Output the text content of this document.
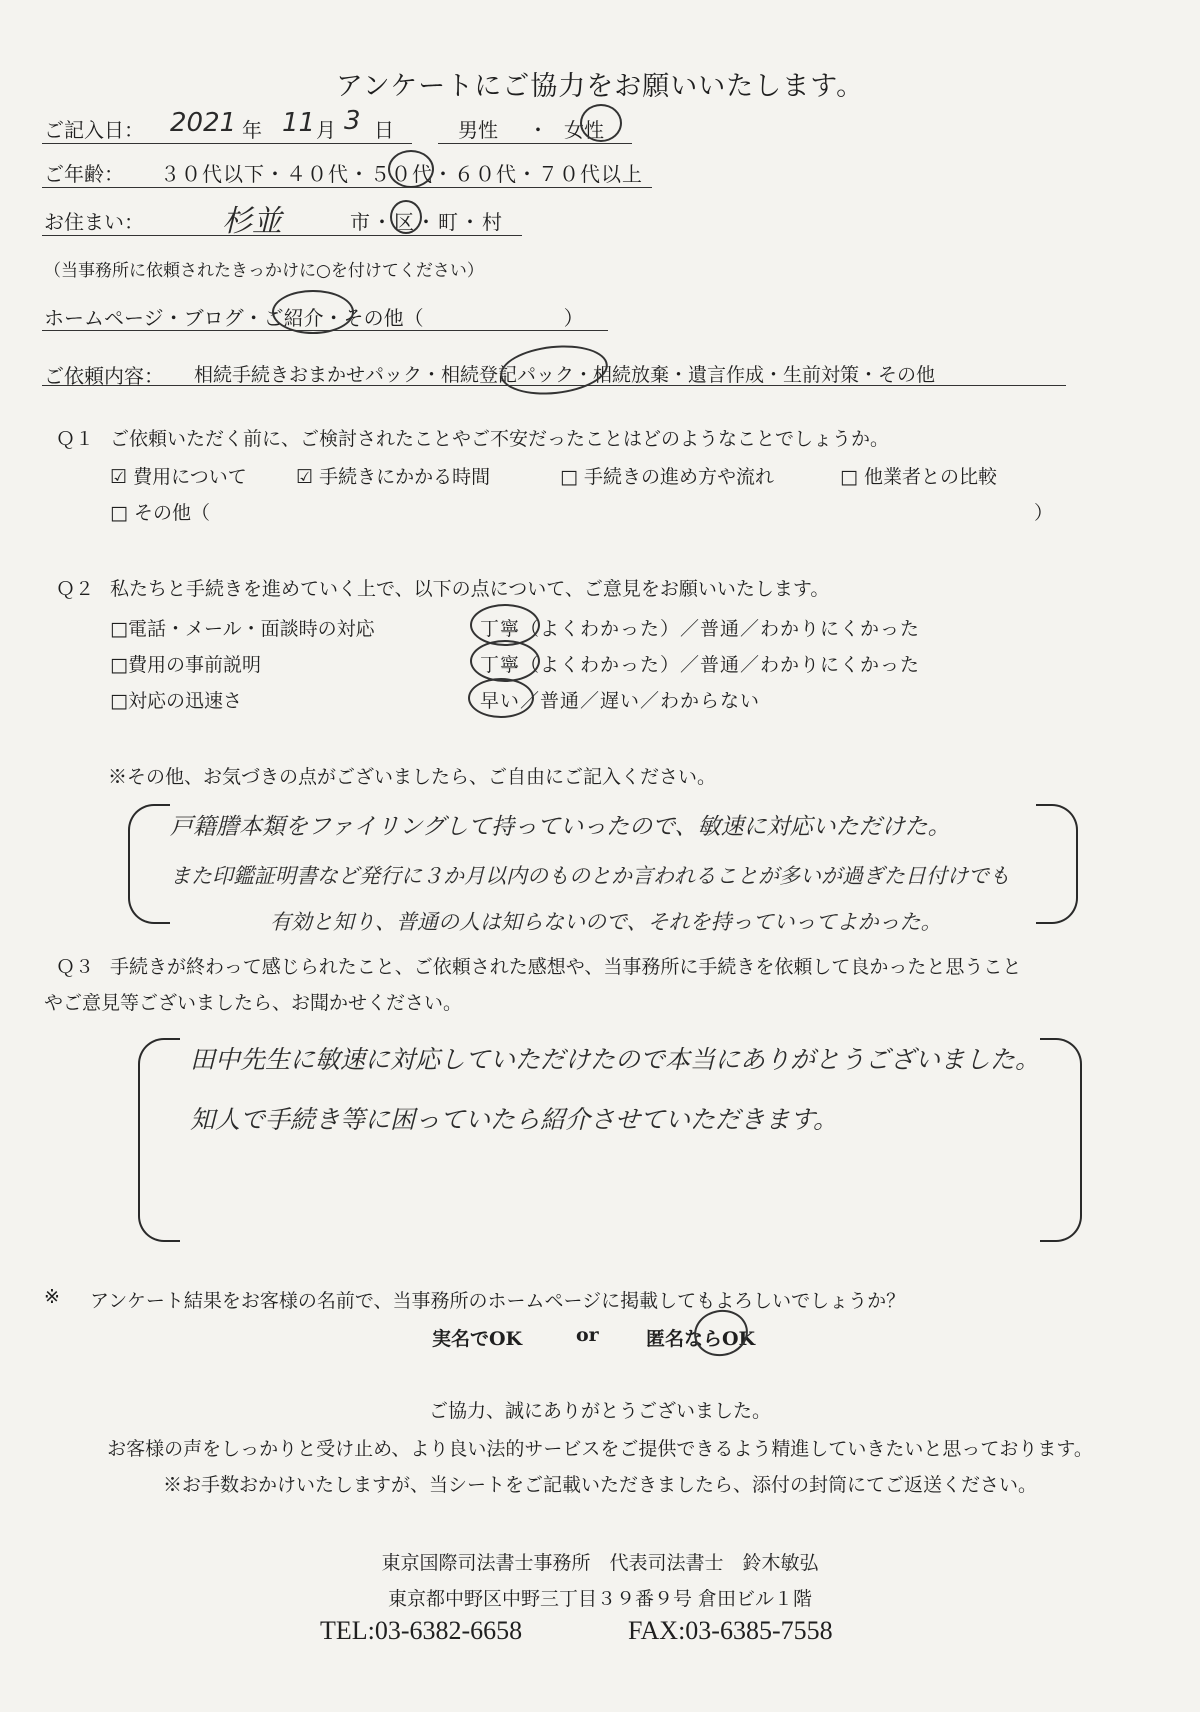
アンケートにご協力をお願いいたします。
ご記入日： 2021 年 11 月 3 日	男性 ・ 女性
ご年齢： ３０代以下・４０代・５０代・６０代・７０代以上
お住まい：	杉並	市・区・町・村
（当事務所に依頼されたきっかけに○を付けてください）
ホームページ・ブログ・ご紹介・その他（　　　　　　　）
ご依頼内容： 相続手続きおまかせパック・相続登記パック・相続放棄・遺言作成・生前対策・その他
Ｑ１ ご依頼いただく前に、ご検討されたことやご不安だったことはどのようなことでしょうか。
☑ 費用について	☑ 手続きにかかる時間	□ 手続きの進め方や流れ	□ 他業者との比較
□ その他（	）
Ｑ２ 私たちと手続きを進めていく上で、以下の点について、ご意見をお願いいたします。
□電話・メール・面談時の対応	丁寧（よくわかった）／普通／わかりにくかった
□費用の事前説明	丁寧（よくわかった）／普通／わかりにくかった
□対応の迅速さ	早い／普通／遅い／わからない
※その他、お気づきの点がございましたら、ご自由にご記入ください。
戸籍謄本類をファイリングして持っていったので、敏速に対応いただけた。
また印鑑証明書など発行に３か月以内のものとか言われることが多いが過ぎた日付けでも
有効と知り、普通の人は知らないので、それを持っていってよかった。
Ｑ３ 手続きが終わって感じられたこと、ご依頼された感想や、当事務所に手続きを依頼して良かったと思うこと
やご意見等ございましたら、お聞かせください。
田中先生に敏速に対応していただけたので本当にありがとうございました。
知人で手続き等に困っていたら紹介させていただきます。
※ アンケート結果をお客様の名前で、当事務所のホームページに掲載してもよろしいでしょうか？
実名でOK	or 匿名ならOK
ご協力、誠にありがとうございました。
お客様の声をしっかりと受け止め、より良い法的サービスをご提供できるよう精進していきたいと思っております。
※お手数おかけいたしますが、当シートをご記載いただきましたら、添付の封筒にてご返送ください。
東京国際司法書士事務所　代表司法書士　鈴木敏弘
東京都中野区中野三丁目３９番９号 倉田ビル１階
TEL:03-6382-6658	FAX:03-6385-7558
